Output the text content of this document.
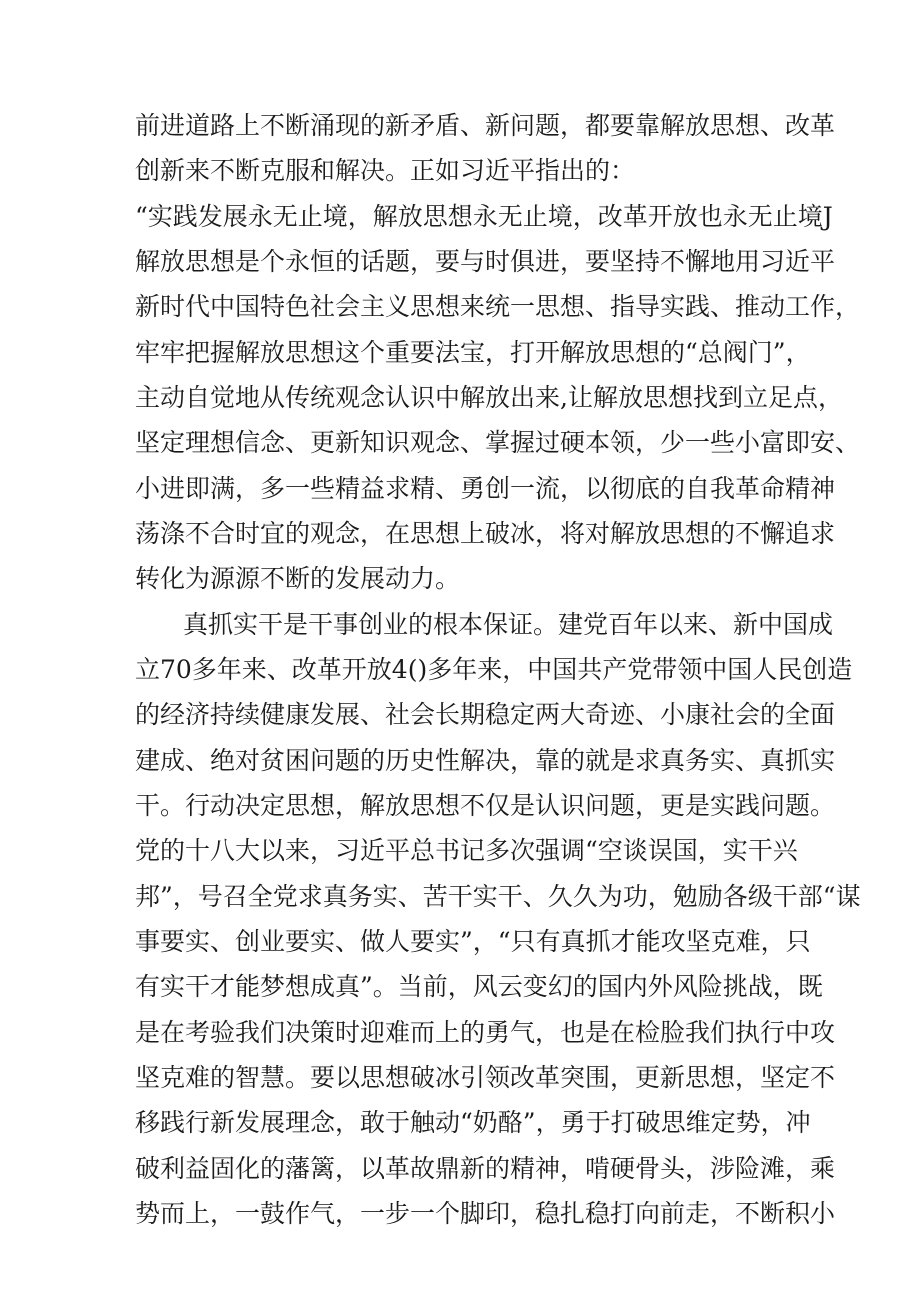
前进道路上不断涌现的新矛盾、新问题，都要靠解放思想、改革
创新来不断克服和解决。正如习近平指出的：
“实践发展永无止境，解放思想永无止境，改革开放也永无止境J
解放思想是个永恒的话题，要与时俱进，要坚持不懈地用习近平
新时代中国特色社会主义思想来统一思想、指导实践、推动工作，
牢牢把握解放思想这个重要法宝，打开解放思想的“总阀门”，
主动自觉地从传统观念认识中解放出来,让解放思想找到立足点，
坚定理想信念、更新知识观念、掌握过硬本领，少一些小富即安、
小进即满，多一些精益求精、勇创一流，以彻底的自我革命精神
荡涤不合时宜的观念，在思想上破冰，将对解放思想的不懈追求
转化为源源不断的发展动力。
真抓实干是干事创业的根本保证。建党百年以来、新中国成
立70多年来、改革开放4()多年来，中国共产党带领中国人民创造
的经济持续健康发展、社会长期稳定两大奇迹、小康社会的全面
建成、绝对贫困问题的历史性解决，靠的就是求真务实、真抓实
干。行动决定思想，解放思想不仅是认识问题，更是实践问题。
党的十八大以来，习近平总书记多次强调“空谈误国，实干兴
邦”，号召全党求真务实、苦干实干、久久为功，勉励各级干部“谋
事要实、创业要实、做人要实”，“只有真抓才能攻坚克难，只
有实干才能梦想成真”。当前，风云变幻的国内外风险挑战，既
是在考验我们决策时迎难而上的勇气，也是在检脸我们执行中攻
坚克难的智慧。要以思想破冰引领改革突围，更新思想，坚定不
移践行新发展理念，敢于触动“奶酪”，勇于打破思维定势，冲
破利益固化的藩篱，以革故鼎新的精神，啃硬骨头，涉险滩，乘
势而上，一鼓作气，一步一个脚印，稳扎稳打向前走，不断积小
